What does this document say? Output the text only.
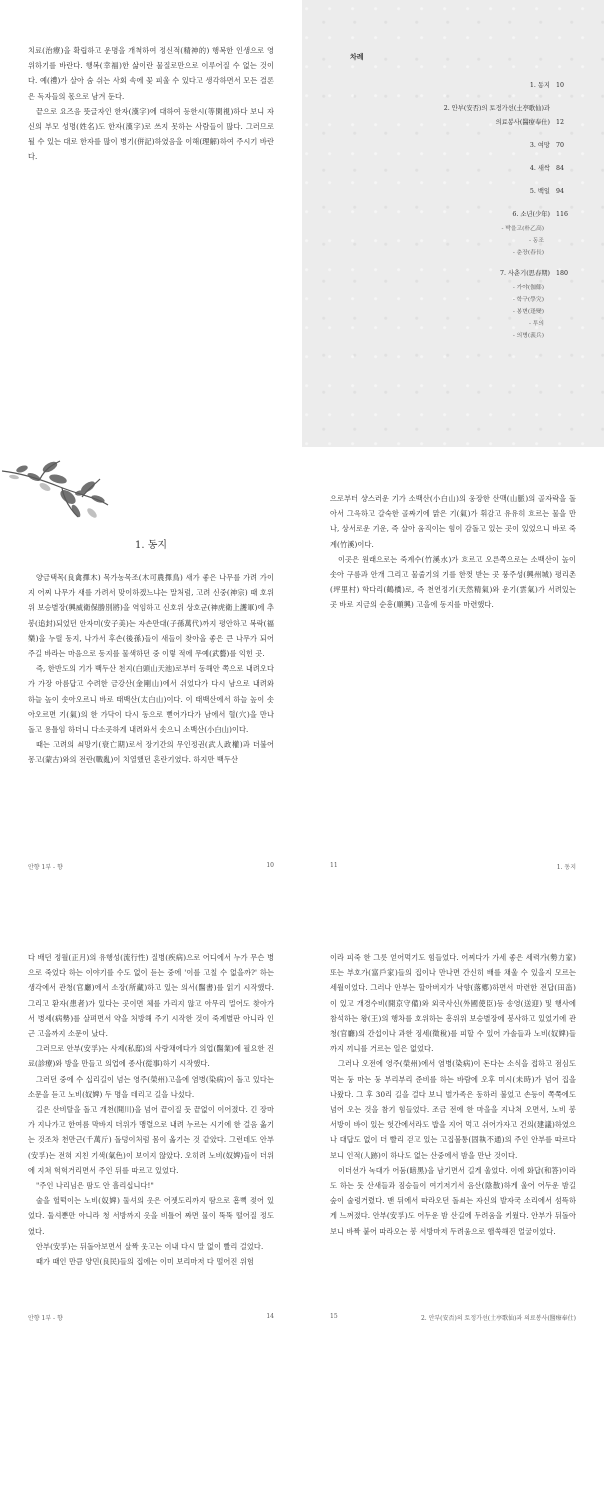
치료(治療)을 확립하고 운명을 개척하여 정신적(精神的) 행복한 인생으로 영위하기를 바란다. 행복(幸福)한 삶이란 물질로만으로 이루어질 수 없는 것이다. 예(禮)가 살아 숨 쉬는 사회 속에 꽃 피울 수 있다고 생각하면서 모든 결론은 독자들의 몫으로 남겨 둔다.

끝으로 요즈음 뜻글자인 한자(漢字)에 대하여 등한시(等閑視)하다 보니 자신의 부모 성명(姓名)도 한자(漢字)로 쓰지 못하는 사람들이 많다. 그러므로 될 수 있는 대로 한자를 많이 병기(倂記)하였음을 이해(理解)하여 주시기 바란다.

차례
1. 동지 10
2. 안부(安否)의 토정가선(土亭歌仙)과
의료봉사(醫療奉仕) 12
3. 여망 70
4. 새싹 84
5. 백일 94
6. 소년(少年) 116
- 박을고(朴乙高)
- 동조
- 춘장(春長)
7. 사춘기(思春期) 180
- 가야(伽倻)
- 학구(學究)
- 봉변(逢變)
- 투의
- 의병(義兵)
1. 동지

양금택목(良禽擇木) 목가농목조(木可農擇鳥) 새가 좋은 나무를 가려 가이지 어찌 나무가 새를 가려서 맞이하겠느냐는 말처럼, 고려 신중(神宗) 때 호위위 보승별장(興威衛保勝別將)을 역임하고 신호위 상호군(神虎衛上護軍)에 추봉(追封)되었던 안자미(安子美)는 자손만대(子孫萬代)까지 평안하고 복락(福樂)을 누릴 동지, 나가서 후손(後孫)들이 새들이 찾아올 좋은 큰 나무가 되어 주길 바라는 마음으로 동지를 물색하던 중 이렇 적에 무예(武藝)를 익힌 곳.

즉, 한반도의 기가 백두산 천지(白頭山天池)로부터 동해안 쪽으로 내려오다가 가장 아름답고 수려한 금강산(金剛山)에서 쉬었다가 다시 남으로 내려와 하늘 높이 솟아오르니 바로 태백산(太白山)이다. 이 태백산에서 하늘 높이 솟아오르면 기(氣)의 한 가닥이 다시 동으로 뻗어가다가 남에서 혈(穴)을 만나 돌고 용틀임 하더니 다소곳하게 내려와서 솟으니 소백산(小白山)이다.

때는 고려의 쇠망기(衰亡期)로서 장기간의 무인정권(武人政權)과 더불어 몽고(蒙古)와의 전란(戰亂)이 치열했던 혼란기였다. 하지만 백두산

안향 1부 - 향	10

으로부터 샹스러운 기가 소백산(小白山)의 웅장한 산맥(山脈)의 골자락을 돌아서 그윽하고 갈숙한 골짜기에 맑은 기(氣)가 휘감고 유유히 흐르는 물을 만나, 상서로운 기운, 즉 살아 움직이는 힘이 감돌고 있는 곳이 있었으니 바로 죽계(竹溪)이다.

이곳은 원래으로는 죽계수(竹溪水)가 흐르고 오른쪽으로는 소백산이 높이 솟아 구름과 안개 그리고 물줄기의 기를 한껏 받는 곳 풍주성(興州城) 평리촌(坪里村) 학다리(鶴橋)로, 즉 천연정기(天然精氣)와 운기(雲氣)가 서려있는 곳 바로 지금의 순흥(順興) 고을에 동지를 마련했다.

11	1. 동지

다 배던 정월(正月)의 유행성(流行性) 질병(疾病)으로 어디에서 누가 무슨 병으로 죽었다 하는 이야기를 수도 없이 듣는 중에 '이를 고칠 수 없을까?' 하는 생각에서 관청(官廳)에서 소장(所藏)하고 있는 의서(醫書)를 읽기 시작했다. 그리고 환자(患者)가 있다는 곳이면 체를 가리지 않고 아무리 멀어도 찾아가서 병세(病勢)를 살펴면서 약을 처방해 주기 시작한 것이 죽계별판 아니라 인근 고을까지 소문이 났다.

그러므로 안부(安孚)는 사제(私邸)의 사랑채에다가 의업(醫業)에 필요한 진료(診療)와 방을 만들고 의업에 종사(從事)하기 시작했다.

그러던 중에 수 십리길이 넘는 영주(榮州)고을에 염병(染病)이 돌고 있다는 소문을 듣고 노비(奴婢) 두 명을 데리고 길을 나섰다.

길은 산비탈을 돌고 개천(開川)을 넘어 끝이질 듯 끝없이 이어졌다. 긴 장마가 지나가고 한여름 막바지 더위가 맹렬으로 내려 누르는 시기에 한 걸음 옮기는 것조차 천만근(千萬斤) 돌덩이처럼 몸이 옮기는 것 같았다. 그런데도 안부(安孚)는 전혀 지친 기색(氣色)이 보이지 않았다. 오히려 노비(奴婢)들이 더위에 지쳐 헉헉거리면서 주인 뒤를 따르고 있었다.

"주인 나리님은 땀도 안 흘리십니다!"

술을 헐떡이는 노비(奴婢) 둘셔의 옷은 어젯도리까지 땀으로 흠뻑 젖어 있었다. 둘셔뿐만 아니라 청 서방까지 옷을 비틀어 짜면 물이 뚝뚝 떨어질 정도였다.

안부(安孚)는 뒤돌아보면서 살짝 웃고는 이내 다시 말 없이 빨리 걸었다.

때가 때인 만큼 양민(良民)들의 집에는 이미 보리마저 다 떨어진 위험

안향 1부 - 향	14

이라 피죽 한 그릇 얻어먹기도 힘들었다. 어찌다가 가세 좋은 세력가(勢力家) 또는 부호가(富戶家)들의 집이나 만나면 간신히 배를 채울 수 있을지 모르는 세월이었다. 그러나 안부는 할아버지가 낙향(落鄕)하면서 마련한 전답(田畓)이 있고 개경수비(開京守備)와 외국사신(外國使臣)등 송영(送迎) 및 행사에 참석하는 왕(王)의 행차를 호위하는 흥위위 보승별장에 봉사하고 있었기에 관청(官廳)의 간섭이나 과한 징세(徵稅)를 피할 수 있어 가솔들과 노비(奴婢)들까지 끼니를 거르는 일은 없었다.

그러나 오전에 영주(榮州)에서 염병(染病)이 돈다는 소식을 접하고 점심도 먹는 둥 마는 둥 부리부리 준비를 하는 바람에 오후 미시(未時)가 넘어 집을 나왔다. 그 후 30리 길을 걸다 보니 벌가족은 동하러 불었고 손등이 쪽쭉에도 넘어 오는 것을 참기 힘들었다. 조금 전에 한 마을을 지나쳐 오면서, 노비 봉 서방이 바이 있는 헛간에서라도 밥을 지어 먹고 쉬어가자고 건의(建議)하였으나 대답도 없이 더 빨리 걷고 있는 고집불통(固執不通)의 주인 안부를 따르다보니 인적(人跡)이 하나도 없는 산중에서 밤을 만난 것이다.

이더선가 녹대가 어둠(暗黑)을 남기면서 길게 울었다. 이에 화답(和答)이라도 하는 듯 산새들과 짐승들이 여기저기서 음산(陰散)하게 울어 어두운 밤길 숲이 술렁거렸다. 맨 뒤에서 따라오던 돌쇠는 자신의 발자국 소리에서 섬뜩하게 느껴졌다. 안부(安孚)도 어두운 밤 산길에 두려움을 키웠다. 안부가 뒤돌아보니 바짝 붙어 따라오는 봉 서방마저 두려움으로 핼쑥해진 얼굴이었다.

15	2. 안부(安否)의 토정가선(土亭歌仙)과 의료봉사(醫療奉仕)
